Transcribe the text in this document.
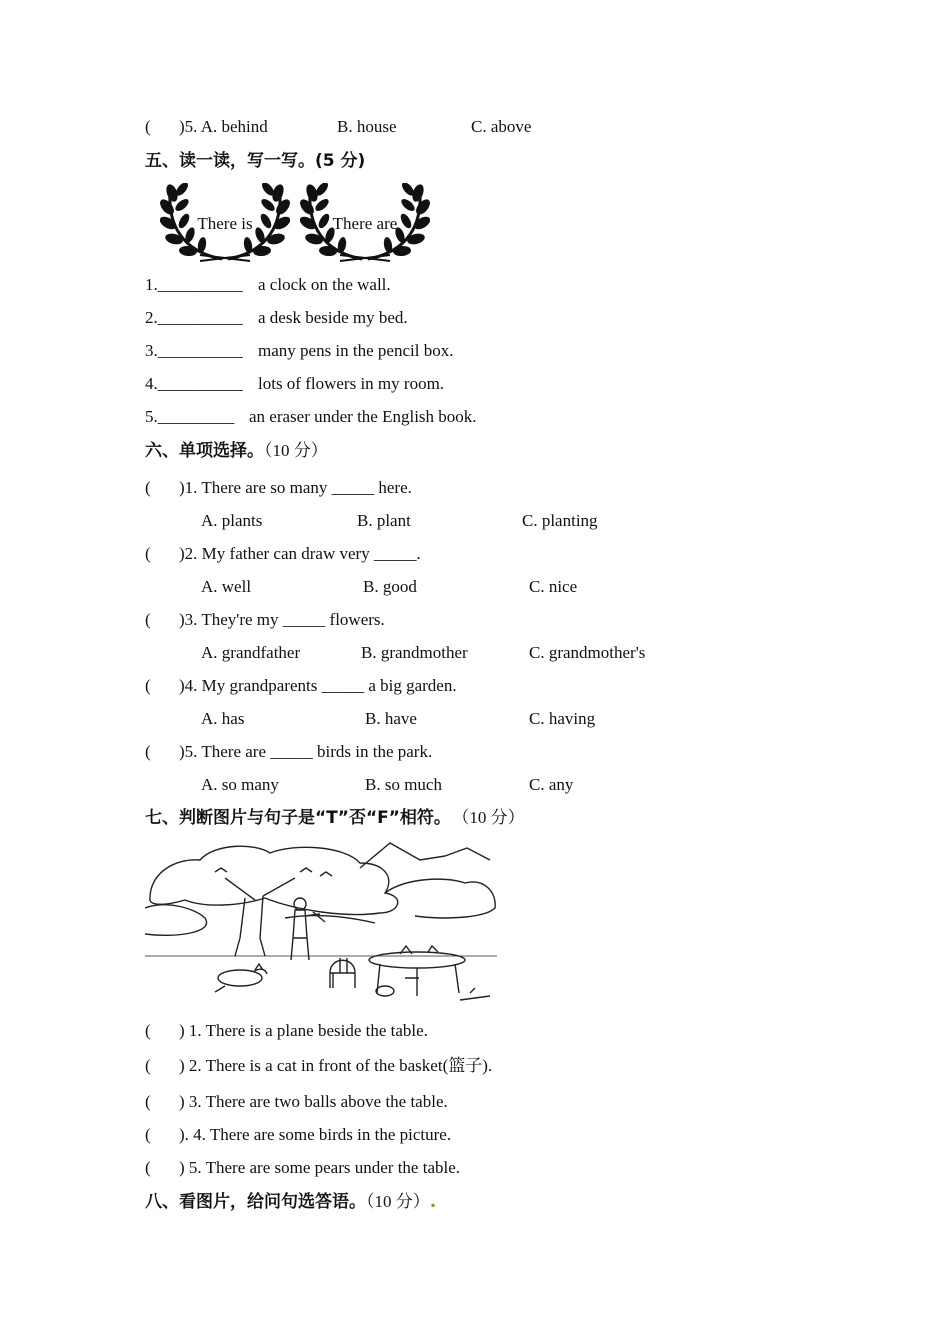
( )5. A. behind	B. house	C. above
五、读一读，写一写。(5 分)
There is	There are
1.__________ a clock on the wall.
2.__________ a desk beside my bed.
3.__________ many pens in the pencil box.
4.__________ lots of flowers in my room.
5._________ an eraser under the English book.
六、单项选择。（10 分）
( )1. There are so many _____ here.
A. plants	B. plant	C. planting
( )2. My father can draw very _____.
A. well	B. good	C. nice
( )3. They're my _____ flowers.
A. grandfather	B. grandmother	C. grandmother's
( )4. My grandparents _____ a big garden.
A. has	B. have	C. having
( )5. There are _____ birds in the park.
A. so many	B. so much	C. any
七、判断图片与句子是“T”否“F”相符。 （10 分）
( ) 1. There is a plane beside the table.
( ) 2. There is a cat in front of the basket(篮子).
( ) 3. There are two balls above the table.
( ). 4. There are some birds in the picture.
( ) 5. There are some pears under the table.
八、看图片，给问句选答语。（10 分）.
